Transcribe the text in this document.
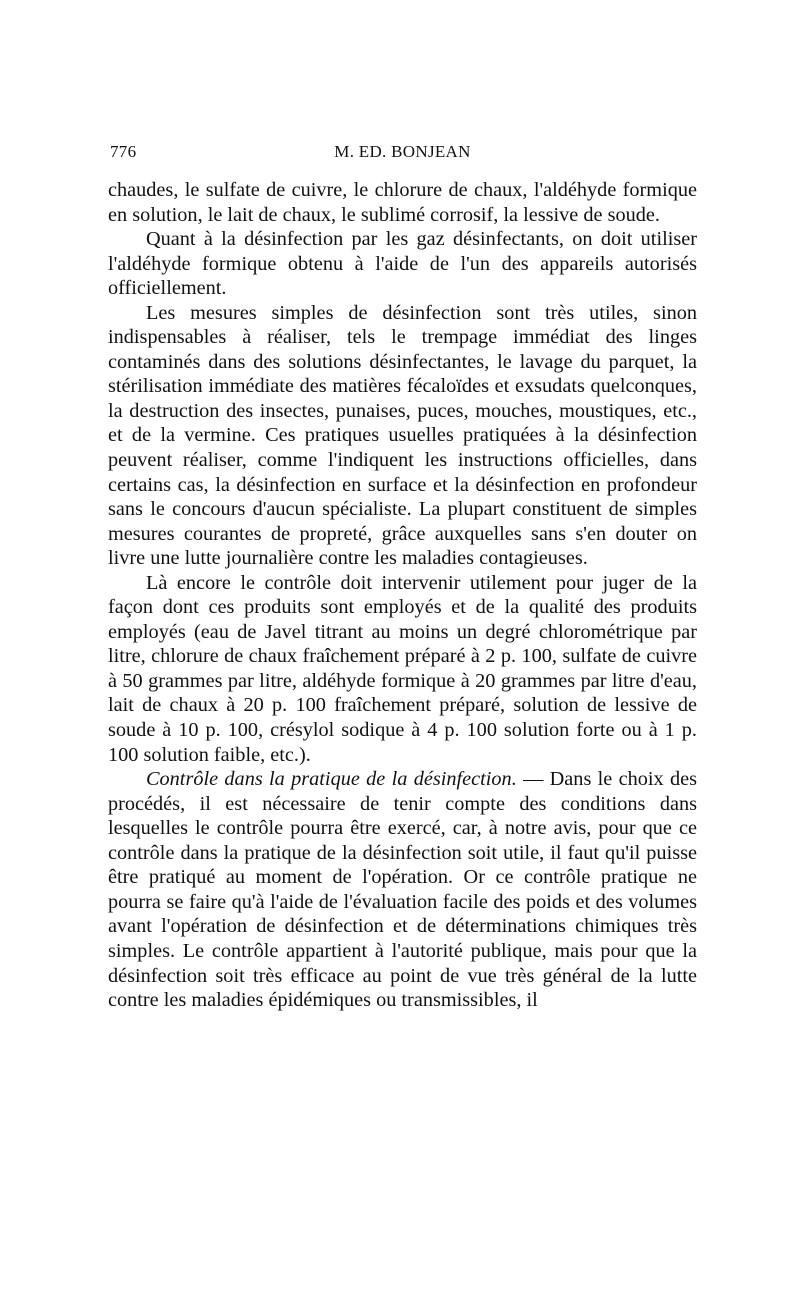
776	M. ED. BONJEAN

chaudes, le sulfate de cuivre, le chlorure de chaux, l'aldéhyde formique en solution, le lait de chaux, le sublimé corrosif, la lessive de soude.

Quant à la désinfection par les gaz désinfectants, on doit utiliser l'aldéhyde formique obtenu à l'aide de l'un des appareils autorisés officiellement.

Les mesures simples de désinfection sont très utiles, sinon indispensables à réaliser, tels le trempage immédiat des linges contaminés dans des solutions désinfectantes, le lavage du parquet, la stérilisation immédiate des matières fécaloïdes et exsudats quelconques, la destruction des insectes, punaises, puces, mouches, moustiques, etc., et de la vermine. Ces pratiques usuelles pratiquées à la désinfection peuvent réaliser, comme l'indiquent les instructions officielles, dans certains cas, la désinfection en surface et la désinfection en profondeur sans le concours d'aucun spécialiste. La plupart constituent de simples mesures courantes de propreté, grâce auxquelles sans s'en douter on livre une lutte journalière contre les maladies contagieuses.

Là encore le contrôle doit intervenir utilement pour juger de la façon dont ces produits sont employés et de la qualité des produits employés (eau de Javel titrant au moins un degré chlorométrique par litre, chlorure de chaux fraîchement préparé à 2 p. 100, sulfate de cuivre à 50 grammes par litre, aldéhyde formique à 20 grammes par litre d'eau, lait de chaux à 20 p. 100 fraîchement préparé, solution de lessive de soude à 10 p. 100, crésylol sodique à 4 p. 100 solution forte ou à 1 p. 100 solution faible, etc.).

Contrôle dans la pratique de la désinfection. — Dans le choix des procédés, il est nécessaire de tenir compte des conditions dans lesquelles le contrôle pourra être exercé, car, à notre avis, pour que ce contrôle dans la pratique de la désinfection soit utile, il faut qu'il puisse être pratiqué au moment de l'opération. Or ce contrôle pratique ne pourra se faire qu'à l'aide de l'évaluation facile des poids et des volumes avant l'opération de désinfection et de déterminations chimiques très simples. Le contrôle appartient à l'autorité publique, mais pour que la désinfection soit très efficace au point de vue très général de la lutte contre les maladies épidémiques ou transmissibles, il
